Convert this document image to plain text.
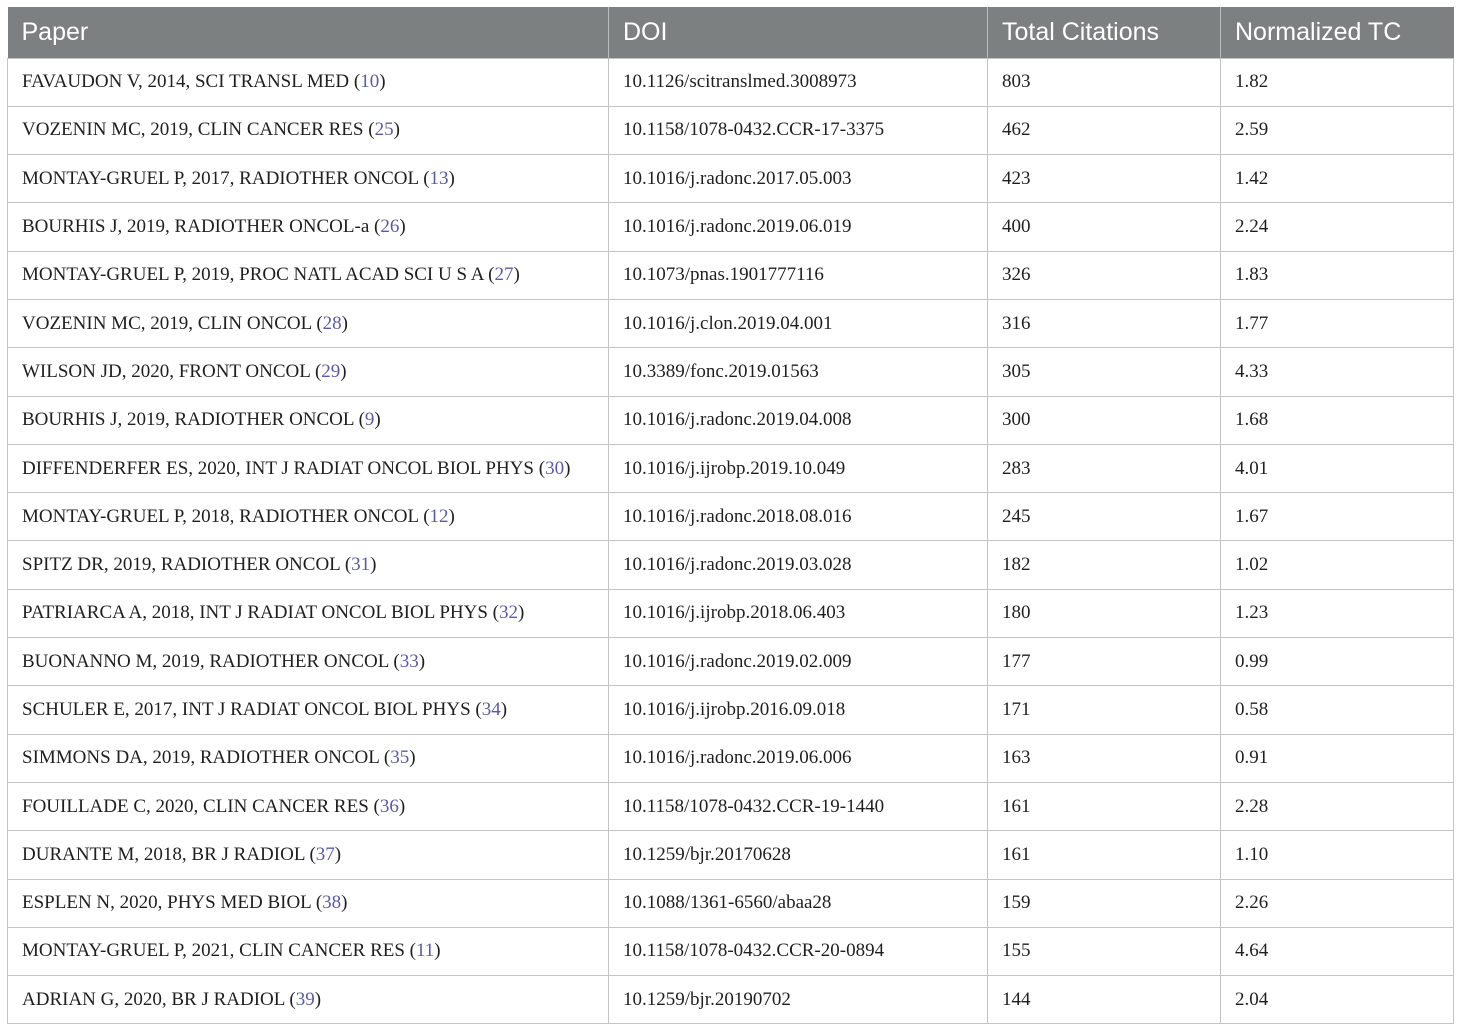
Paper	DOI	Total Citations	Normalized TC
FAVAUDON V, 2014, SCI TRANSL MED (10)	10.1126/scitranslmed.3008973	803	1.82
VOZENIN MC, 2019, CLIN CANCER RES (25)	10.1158/1078-0432.CCR-17-3375	462	2.59
MONTAY-GRUEL P, 2017, RADIOTHER ONCOL (13)	10.1016/j.radonc.2017.05.003	423	1.42
BOURHIS J, 2019, RADIOTHER ONCOL-a (26)	10.1016/j.radonc.2019.06.019	400	2.24
MONTAY-GRUEL P, 2019, PROC NATL ACAD SCI U S A (27)	10.1073/pnas.1901777116	326	1.83
VOZENIN MC, 2019, CLIN ONCOL (28)	10.1016/j.clon.2019.04.001	316	1.77
WILSON JD, 2020, FRONT ONCOL (29)	10.3389/fonc.2019.01563	305	4.33
BOURHIS J, 2019, RADIOTHER ONCOL (9)	10.1016/j.radonc.2019.04.008	300	1.68
DIFFENDERFER ES, 2020, INT J RADIAT ONCOL BIOL PHYS (30)	10.1016/j.ijrobp.2019.10.049	283	4.01
MONTAY-GRUEL P, 2018, RADIOTHER ONCOL (12)	10.1016/j.radonc.2018.08.016	245	1.67
SPITZ DR, 2019, RADIOTHER ONCOL (31)	10.1016/j.radonc.2019.03.028	182	1.02
PATRIARCA A, 2018, INT J RADIAT ONCOL BIOL PHYS (32)	10.1016/j.ijrobp.2018.06.403	180	1.23
BUONANNO M, 2019, RADIOTHER ONCOL (33)	10.1016/j.radonc.2019.02.009	177	0.99
SCHULER E, 2017, INT J RADIAT ONCOL BIOL PHYS (34)	10.1016/j.ijrobp.2016.09.018	171	0.58
SIMMONS DA, 2019, RADIOTHER ONCOL (35)	10.1016/j.radonc.2019.06.006	163	0.91
FOUILLADE C, 2020, CLIN CANCER RES (36)	10.1158/1078-0432.CCR-19-1440	161	2.28
DURANTE M, 2018, BR J RADIOL (37)	10.1259/bjr.20170628	161	1.10
ESPLEN N, 2020, PHYS MED BIOL (38)	10.1088/1361-6560/abaa28	159	2.26
MONTAY-GRUEL P, 2021, CLIN CANCER RES (11)	10.1158/1078-0432.CCR-20-0894	155	4.64
ADRIAN G, 2020, BR J RADIOL (39)	10.1259/bjr.20190702	144	2.04
